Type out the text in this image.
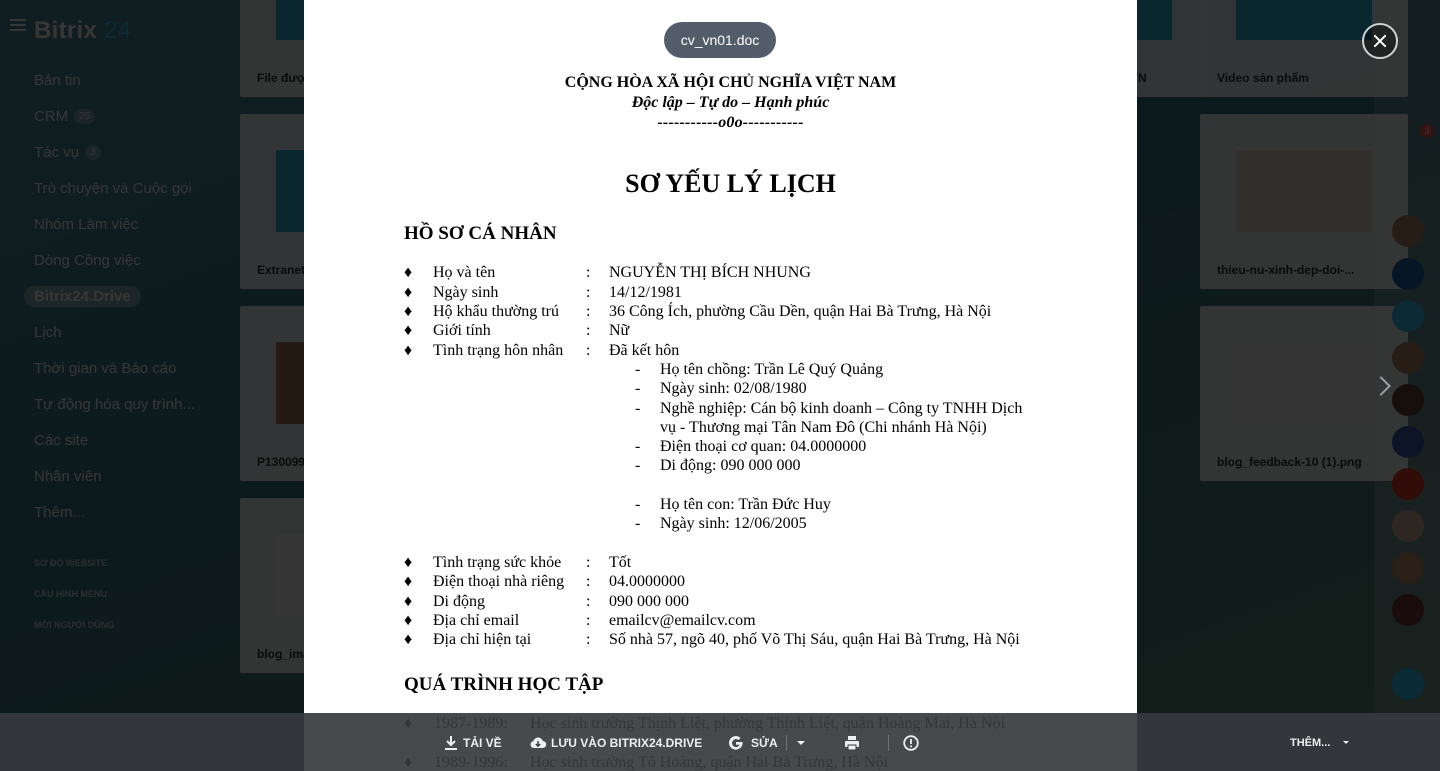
CỘNG HÒA XÃ HỘI CHỦ NGHĨA VIỆT NAM
Độc lập – Tự do – Hạnh phúc
-----------o0o-----------
SƠ YẾU LÝ LỊCH
HỒ SƠ CÁ NHÂN
♦ Họ và tên	: NGUYỄN THỊ BÍCH NHUNG
♦ Ngày sinh	: 14/12/1981
♦ Hộ khẩu thường trú : 36 Công Ích, phường Cầu Dền, quận Hai Bà Trưng, Hà Nội
♦ Giới tính	: Nữ
♦ Tình trạng hôn nhân : Đã kết hôn
- Họ tên chồng: Trần Lê Quý Quảng
- Ngày sinh: 02/08/1980
- Nghề nghiệp: Cán bộ kinh doanh – Công ty TNHH Dịch
vụ - Thương mại Tân Nam Đô (Chi nhánh Hà Nội)
- Điện thoại cơ quan: 04.0000000
- Di động: 090 000 000
- Họ tên con: Trần Đức Huy
- Ngày sinh: 12/06/2005
♦ Tình trạng sức khỏe : Tốt
♦ Điện thoại nhà riêng : 04.0000000
♦ Di động	: 090 000 000
♦ Địa chỉ email	: emailcv@emailcv.com
♦ Địa chỉ hiện tại	: Số nhà 57, ngõ 40, phố Võ Thị Sáu, quận Hai Bà Trưng, Hà Nội
QUÁ TRÌNH HỌC TẬP
cv_vn01.doc
TẢI VỀ	LƯU VÀO BITRIX24.DRIVE	SỬA	THÊM...
